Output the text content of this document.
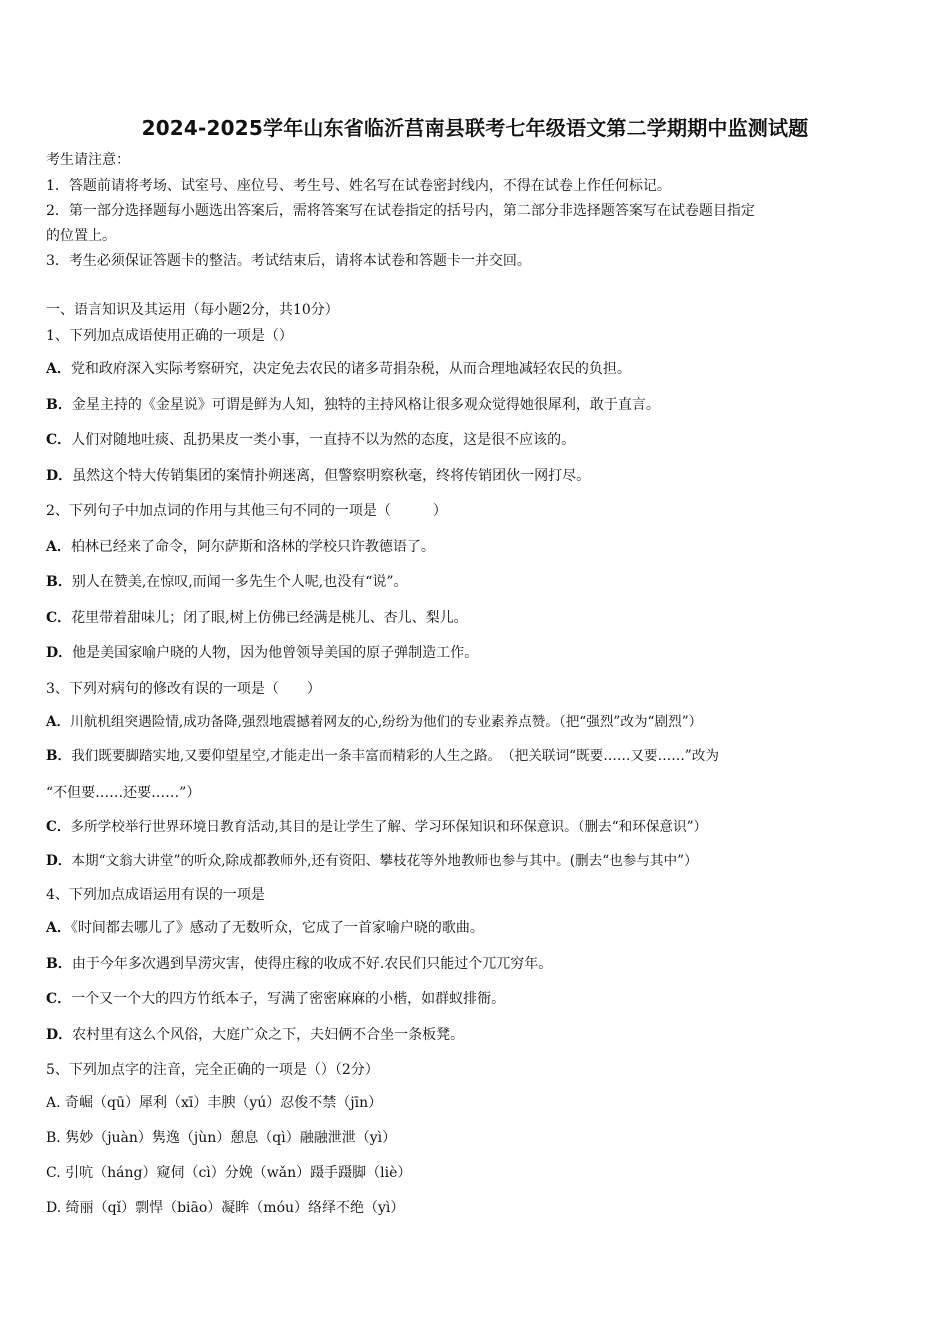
2024-2025学年山东省临沂莒南县联考七年级语文第二学期期中监测试题
考生请注意：
1．答题前请将考场、试室号、座位号、考生号、姓名写在试卷密封线内，不得在试卷上作任何标记。
2．第一部分选择题每小题选出答案后，需将答案写在试卷指定的括号内，第二部分非选择题答案写在试卷题目指定
的位置上。
3．考生必须保证答题卡的整洁。考试结束后，请将本试卷和答题卡一并交回。
一、语言知识及其运用（每小题2分，共10分）
1、下列加点成语使用正确的一项是（）
A．党和政府深入实际考察研究，决定免去农民的诸多苛捐杂税，从而合理地减轻农民的负担。
B．金星主持的《金星说》可谓是鲜为人知，独特的主持风格让很多观众觉得她很犀利，敢于直言。
C．人们对随地吐痰、乱扔果皮一类小事，一直持不以为然的态度，这是很不应该的。
D．虽然这个特大传销集团的案情扑朔迷离，但警察明察秋毫，终将传销团伙一网打尽。
2、下列句子中加点词的作用与其他三句不同的一项是（　　　）
A．柏林已经来了命令，阿尔萨斯和洛林的学校只许教德语了。
B．别人在赞美,在惊叹,而闻一多先生个人呢,也没有“说”。
C．花里带着甜味儿；闭了眼,树上仿佛已经满是桃儿、杏儿、梨儿。
D．他是美国家喻户晓的人物，因为他曾领导美国的原子弹制造工作。
3、下列对病句的修改有误的一项是（　　）
A．川航机组突遇险情,成功备降,强烈地震撼着网友的心,纷纷为他们的专业素养点赞。（把“强烈”改为“剧烈”）
B．我们既要脚踏实地,又要仰望星空,才能走出一条丰富而精彩的人生之路。　（把关联词“既要……又要……”改为
“不但要……还要……”）
C．多所学校举行世界环境日教育活动,其目的是让学生了解、学习环保知识和环保意识。（删去“和环保意识”）
D．本期“文翁大讲堂”的听众,除成都教师外,还有资阳、攀枝花等外地教师也参与其中。(删去“也参与其中”）
4、下列加点成语运用有误的一项是
A．《时间都去哪儿了》感动了无数听众，它成了一首家喻户晓的歌曲。
B．由于今年多次遇到旱涝灾害，使得庄稼的收成不好.农民们只能过个兀兀穷年。
C．一个又一个大的四方竹纸本子，写满了密密麻麻的小楷，如群蚁排衙。
D．农村里有这么个风俗，大庭广众之下，夫妇俩不合坐一条板凳。
5、下列加点字的注音，完全正确的一项是（）（2分）
A. 奇崛（qū）犀利（xī）丰腴（yú）忍俊不禁（jīn）
B. 隽妙（juàn）隽逸（jùn）憩息（qì）融融泄泄（yì）
C. 引吭（háng）窥伺（cì）分娩（wǎn）蹑手蹑脚（liè）
D. 绮丽（qǐ）剽悍（biāo）凝眸（móu）络绎不绝（yì）
